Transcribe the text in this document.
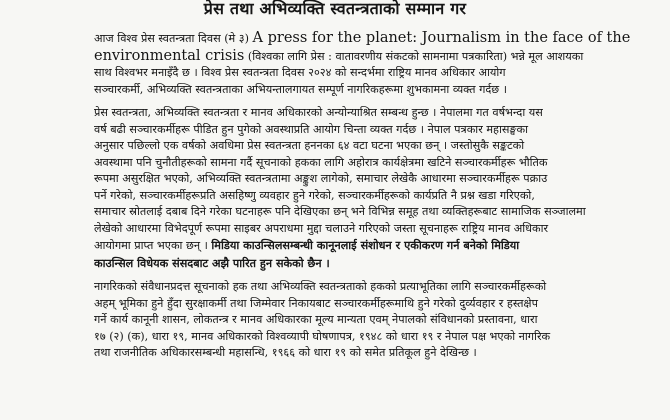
प्रेस तथा अभिव्यक्ति स्वतन्त्रताको सम्मान गर

आज विश्व प्रेस स्वतन्त्रता दिवस (मे ३) A press for the planet: Journalism in the face of the
environmental crisis (विश्वका लागि प्रेस : वातावरणीय संकटको सामनामा पत्रकारिता) भन्ने मूल आशयका
साथ विश्वभर मनाइँदै छ । विश्व प्रेस स्वतन्त्रता दिवस २०२४ को सन्दर्भमा राष्ट्रिय मानव अधिकार आयोग
सञ्चारकर्मी, अभिव्यक्ति स्वतन्त्रताका अभियन्तालगायत सम्पूर्ण नागरिकहरूमा शुभकामना व्यक्त गर्दछ ।

प्रेस स्वतन्त्रता, अभिव्यक्ति स्वतन्त्रता र मानव अधिकारको अन्योन्याश्रित सम्बन्ध हुन्छ । नेपालमा गत वर्षभन्दा यस
वर्ष बढी सञ्चारकर्मीहरू पीडित हुन पुगेको अवस्थाप्रति आयोग चिन्ता व्यक्त गर्दछ । नेपाल पत्रकार महासङ्घका
अनुसार पछिल्लो एक वर्षको अवधिमा प्रेस स्वतन्त्रता हननका ६४ वटा घटना भएका छन् । जस्तोसुकै सङ्कटको
अवस्थामा पनि चुनौतीहरूको सामना गर्दै सूचनाको हकका लागि अहोरात्र कार्यक्षेत्रमा खटिने सञ्चारकर्मीहरू भौतिक
रूपमा असुरक्षित भएको, अभिव्यक्ति स्वतन्त्रतामा अङ्कुश लागेको, समाचार लेखेकै आधारमा सञ्चारकर्मीहरू पक्राउ
पर्ने गरेको, सञ्चारकर्मीहरूप्रति असहिष्णु व्यवहार हुने गरेको, सञ्चारकर्मीहरूको कार्यप्रति नै प्रश्न खडा गरिएको,
समाचार स्रोतलाई दबाब दिने गरेका घटनाहरू पनि देखिएका छन् भने विभिन्न समूह तथा व्यक्तिहरूबाट सामाजिक सञ्जालमा
लेखेको आधारमा विभेदपूर्ण रूपमा साइबर अपराधमा मुद्दा चलाउने गरिएको जस्ता सूचनाहरू राष्ट्रिय मानव अधिकार
आयोगमा प्राप्त भएका छन् । मिडिया काउन्सिलसम्बन्धी कानूनलाई संशोधन र एकीकरण गर्न बनेको मिडिया
काउन्सिल विधेयक संसदबाट अझै पारित हुन सकेको छैन ।

नागरिकको संवैधानप्रदत्त सूचनाको हक तथा अभिव्यक्ति स्वतन्त्रताको हकको प्रत्याभूतिका लागि सञ्चारकर्मीहरूको
अहम् भूमिका हुने हुँदा सुरक्षाकर्मी तथा जिम्मेवार निकायबाट सञ्चारकर्मीहरूमाथि हुने गरेको दुर्व्यवहार र हस्तक्षेप
गर्ने कार्य कानूनी शासन, लोकतन्त्र र मानव अधिकारका मूल्य मान्यता एवम् नेपालको संविधानको प्रस्तावना, धारा
१७ (२) (क), धारा १९, मानव अधिकारको विश्वव्यापी घोषणापत्र, १९४८ को धारा १९ र नेपाल पक्ष भएको नागरिक
तथा राजनीतिक अधिकारसम्बन्धी महासन्धि, १९६६ को धारा १९ को समेत प्रतिकूल हुने देखिन्छ ।
